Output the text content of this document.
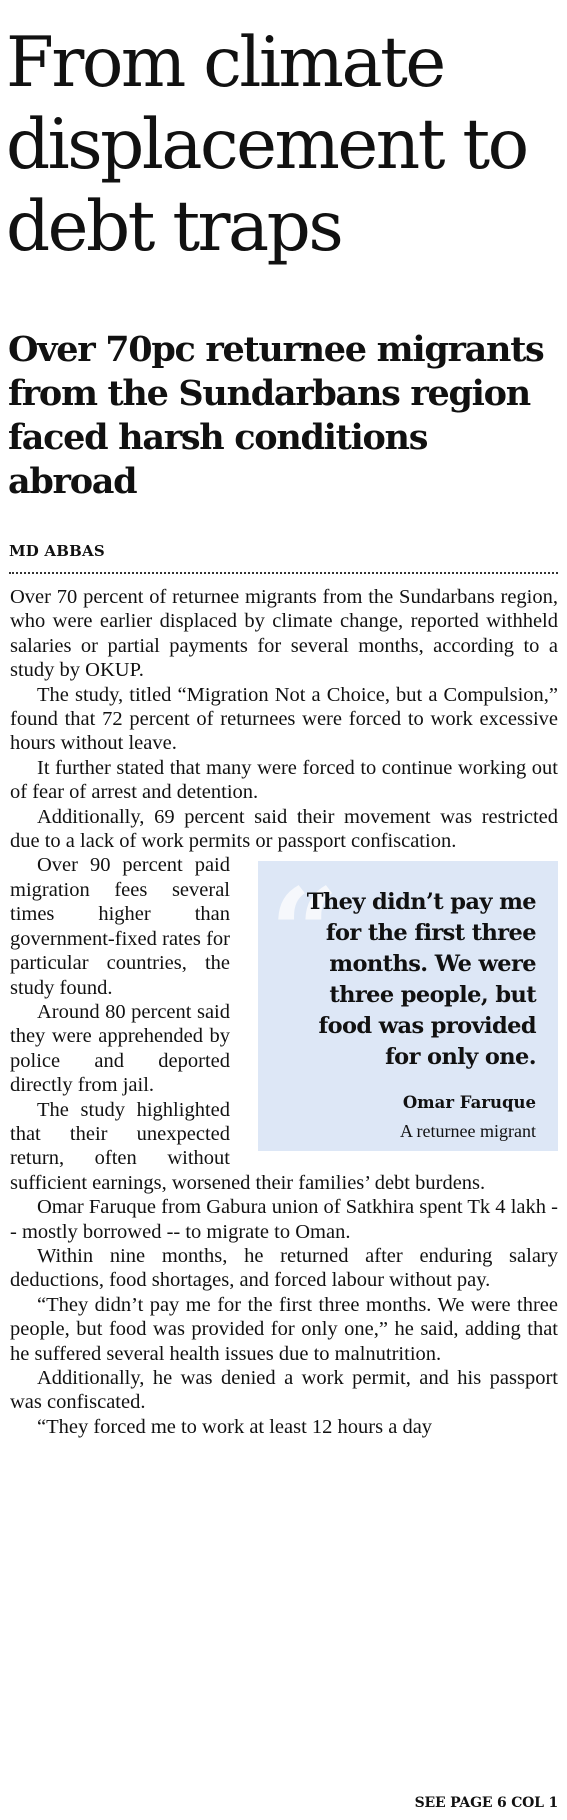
From climate displacement to debt traps
Over 70pc returnee migrants from the Sundarbans region faced harsh conditions abroad
MD ABBAS

Over 70 percent of returnee migrants from the Sundarbans region, who were earlier displaced by climate change, reported withheld salaries or partial payments for several months, according to a study by OKUP.

The study, titled “Migration Not a Choice, but a Compulsion,” found that 72 percent of returnees were forced to work excessive hours without leave.

It further stated that many were forced to continue working out of fear of arrest and detention.

Additionally, 69 percent said their movement was restricted due to a lack of work permits or passport confiscation.

“
They didn’t pay me for the first three months. We were three people, but food was provided for only one.
Omar Faruque
A returnee migrant
Over 90 percent paid migration fees several times higher than government-fixed rates for particular countries, the study found.

Around 80 percent said they were apprehended by police and deported directly from jail.

The study highlighted that their unexpected return, often without sufficient earnings, worsened their families’ debt burdens.

Omar Faruque from Gabura union of Satkhira spent Tk 4 lakh -- mostly borrowed -- to migrate to Oman.

Within nine months, he returned after enduring salary deductions, food shortages, and forced labour without pay.

“They didn’t pay me for the first three months. We were three people, but food was provided for only one,” he said, adding that he suffered several health issues due to malnutrition.

Additionally, he was denied a work permit, and his passport was confiscated.

“They forced me to work at least 12 hours a day

SEE PAGE 6 COL 1
